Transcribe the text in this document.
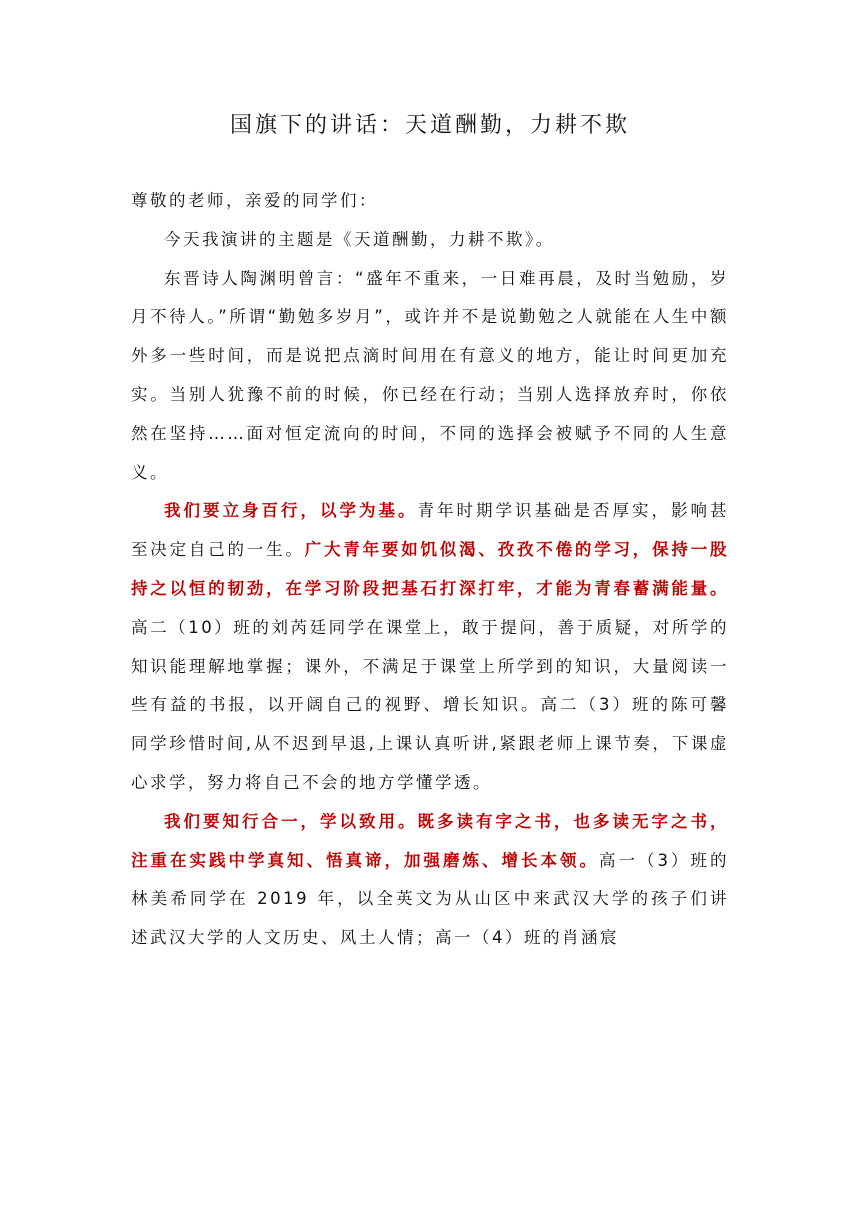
国旗下的讲话：天道酬勤，力耕不欺

尊敬的老师，亲爱的同学们：

今天我演讲的主题是《天道酬勤，力耕不欺》。

东晋诗人陶渊明曾言：“盛年不重来，一日难再晨，及时当勉励，岁月不待人。”所谓“勤勉多岁月”，或许并不是说勤勉之人就能在人生中额外多一些时间，而是说把点滴时间用在有意义的地方，能让时间更加充实。当别人犹豫不前的时候，你已经在行动；当别人选择放弃时，你依然在坚持……面对恒定流向的时间，不同的选择会被赋予不同的人生意义。

我们要立身百行，以学为基。青年时期学识基础是否厚实，影响甚至决定自己的一生。广大青年要如饥似渴、孜孜不倦的学习，保持一股持之以恒的韧劲，在学习阶段把基石打深打牢，才能为青春蓄满能量。高二（10）班的刘芮廷同学在课堂上，敢于提问，善于质疑，对所学的知识能理解地掌握；课外，不满足于课堂上所学到的知识，大量阅读一些有益的书报，以开阔自己的视野、增长知识。高二（3）班的陈可馨同学珍惜时间,从不迟到早退,上课认真听讲,紧跟老师上课节奏，下课虚心求学，努力将自己不会的地方学懂学透。

我们要知行合一，学以致用。既多读有字之书，也多读无字之书，注重在实践中学真知、悟真谛，加强磨炼、增长本领。高一（3）班的林美希同学在 2019 年，以全英文为从山区中来武汉大学的孩子们讲述武汉大学的人文历史、风土人情；高一（4）班的肖涵宸
